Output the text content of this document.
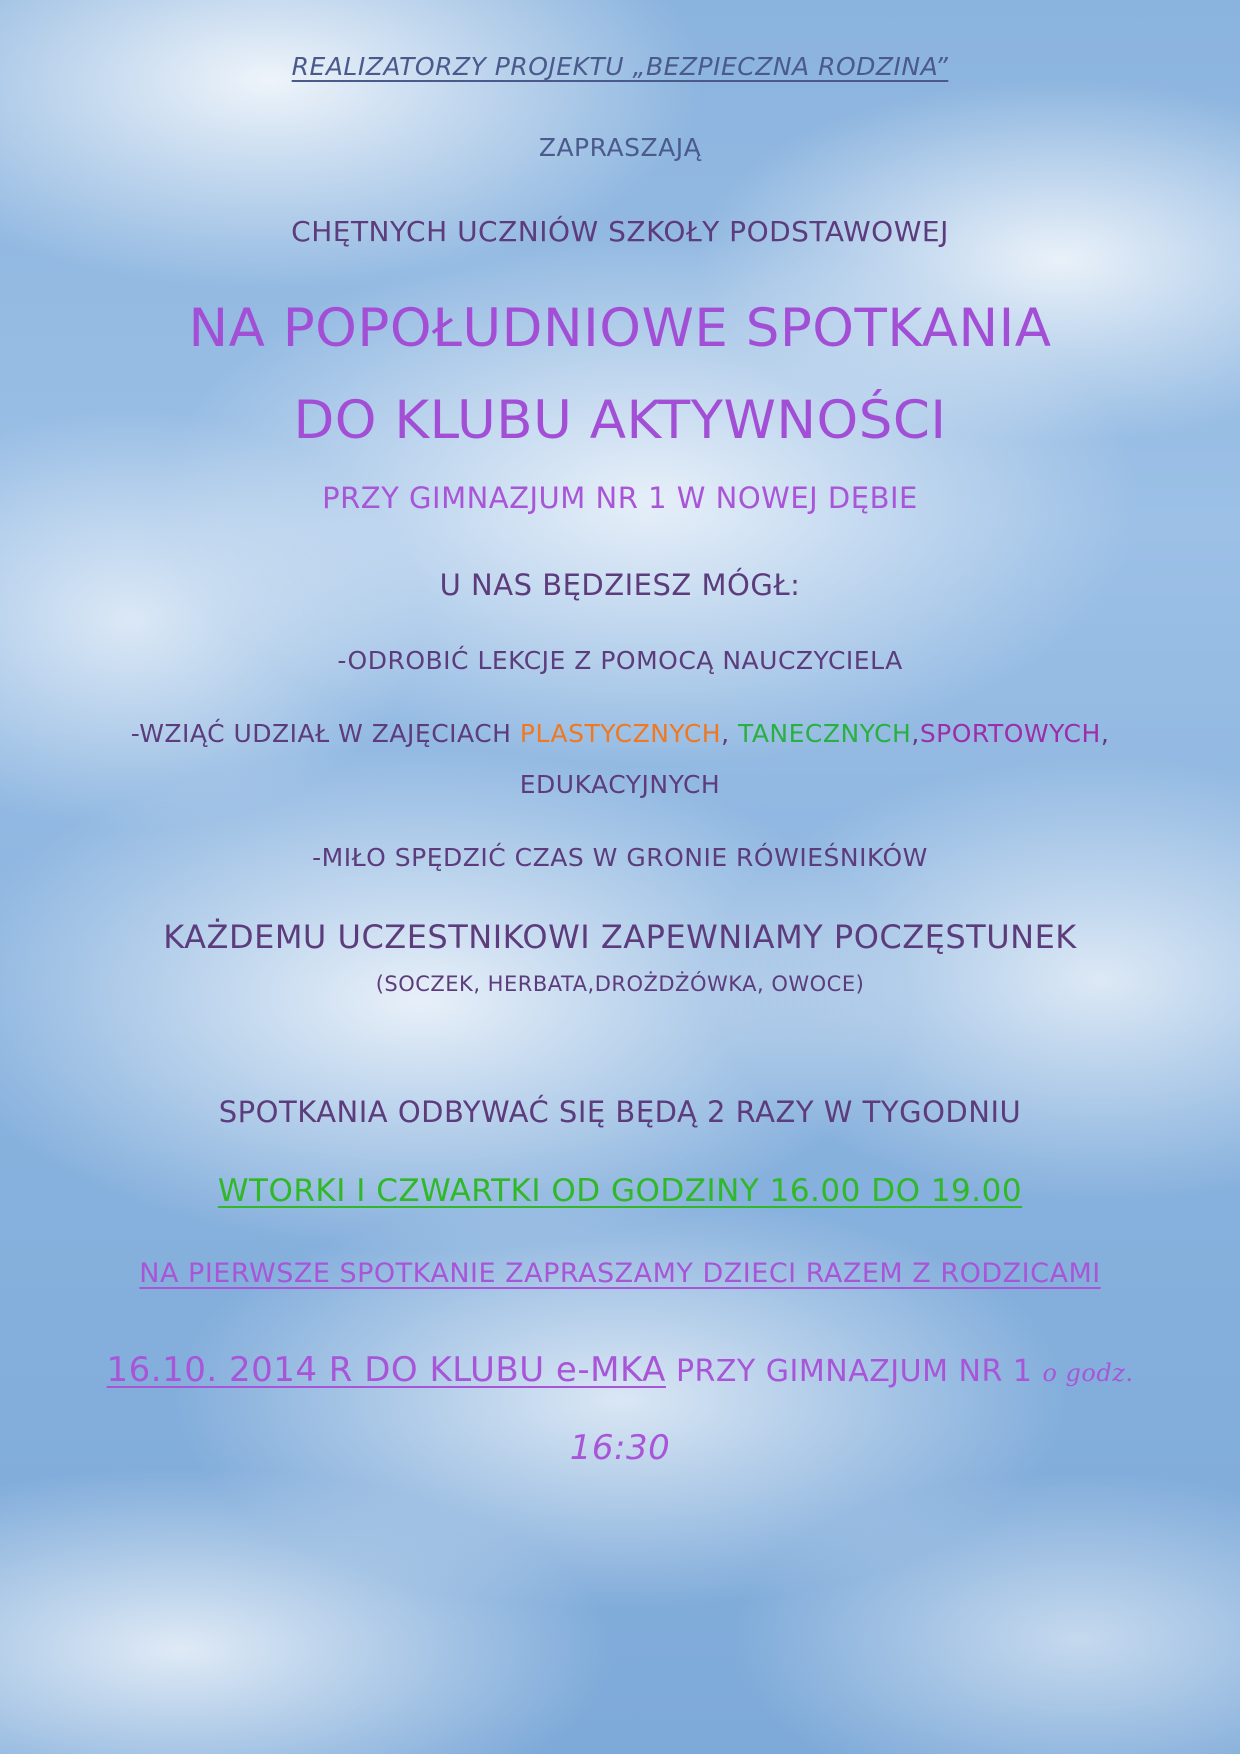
REALIZATORZY PROJEKTU „BEZPIECZNA RODZINA”
ZAPRASZAJĄ
CHĘTNYCH UCZNIÓW SZKOŁY PODSTAWOWEJ
NA POPOŁUDNIOWE SPOTKANIA
DO KLUBU AKTYWNOŚCI
PRZY GIMNAZJUM NR 1 W NOWEJ DĘBIE
U NAS BĘDZIESZ MÓGŁ:
-ODROBIĆ LEKCJE Z POMOCĄ NAUCZYCIELA
-WZIĄĆ UDZIAŁ W ZAJĘCIACH PLASTYCZNYCH, TANECZNYCH,SPORTOWYCH,
EDUKACYJNYCH
-MIŁO SPĘDZIĆ CZAS W GRONIE RÓWIEŚNIKÓW
KAŻDEMU UCZESTNIKOWI ZAPEWNIAMY POCZĘSTUNEK
(SOCZEK, HERBATA,DROŻDŻÓWKA, OWOCE)
SPOTKANIA ODBYWAĆ SIĘ BĘDĄ 2 RAZY W TYGODNIU
WTORKI I CZWARTKI OD GODZINY 16.00 DO 19.00
NA PIERWSZE SPOTKANIE ZAPRASZAMY DZIECI RAZEM Z RODZICAMI
16.10. 2014 R DO KLUBU e-MKA PRZY GIMNAZJUM NR 1 o godz.
16:30
